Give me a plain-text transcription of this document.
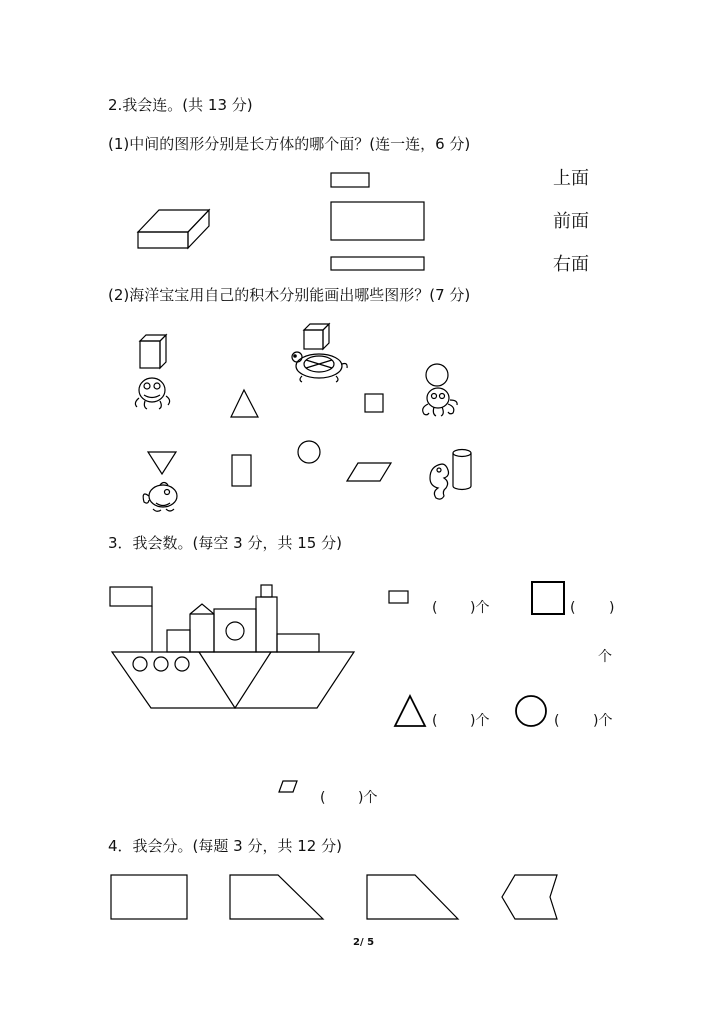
2.我会连。(共 13 分)
(1)中间的图形分别是长方体的哪个面？(连一连，6 分)
上面
前面
右面
(2)海洋宝宝用自己的积木分别能画出哪些图形？(7 分)
3．我会数。(每空 3 分，共 15 分)
( )个	( )
个
( )个	( )个
( )个
4．我会分。(每题 3 分，共 12 分)
2/ 5
